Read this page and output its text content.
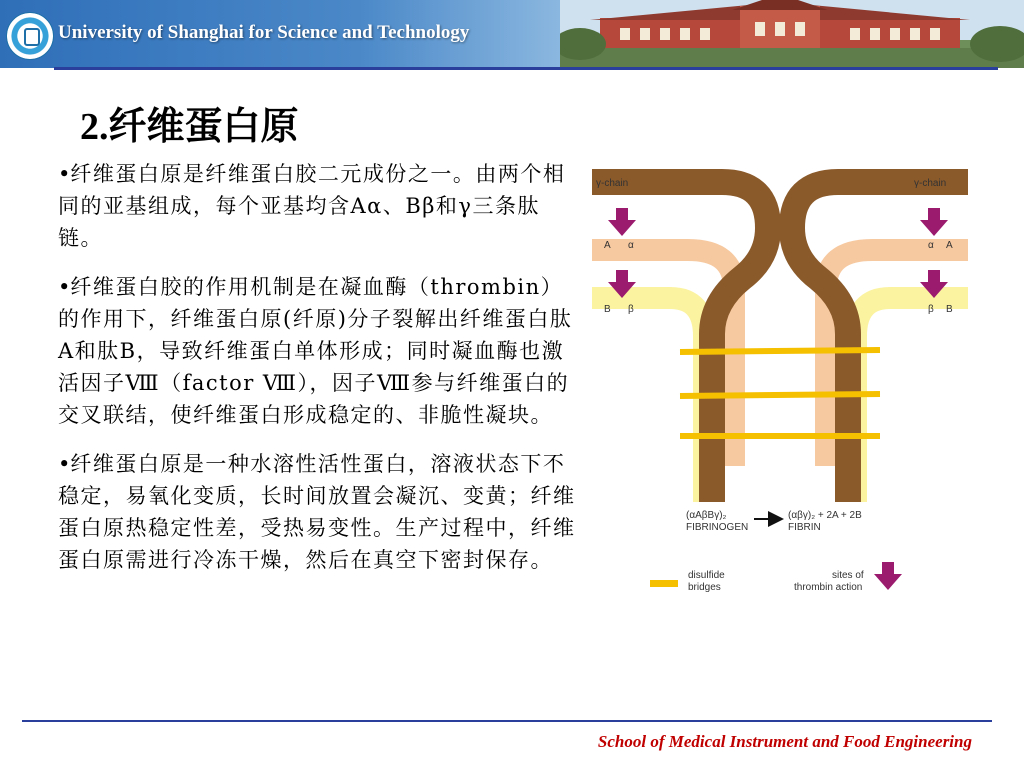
University of Shanghai for Science and Technology
2.纤维蛋白原

•纤维蛋白原是纤维蛋白胶二元成份之一。由两个相同的亚基组成，每个亚基均含Aα、Bβ和γ三条肽链。

•纤维蛋白胶的作用机制是在凝血酶（thrombin）的作用下，纤维蛋白原(纤原)分子裂解出纤维蛋白肽A和肽B，导致纤维蛋白单体形成；同时凝血酶也激活因子Ⅷ（factor Ⅷ），因子Ⅷ参与纤维蛋白的交叉联结，使纤维蛋白形成稳定的、非脆性凝块。

•纤维蛋白原是一种水溶性活性蛋白，溶液状态下不稳定，易氧化变质，长时间放置会凝沉、变黄；纤维蛋白原热稳定性差，受热易变性。生产过程中，纤维蛋白原需进行冷冻干燥，然后在真空下密封保存。

γ-chain	γ-chain
A α	α A
B β	β B
(αAβBγ)₂
FIBRINOGEN
(αβγ)₂ + 2A + 2B
FIBRIN
disulfide
bridges
sites of
thrombin action
School of Medical Instrument and Food Engineering
